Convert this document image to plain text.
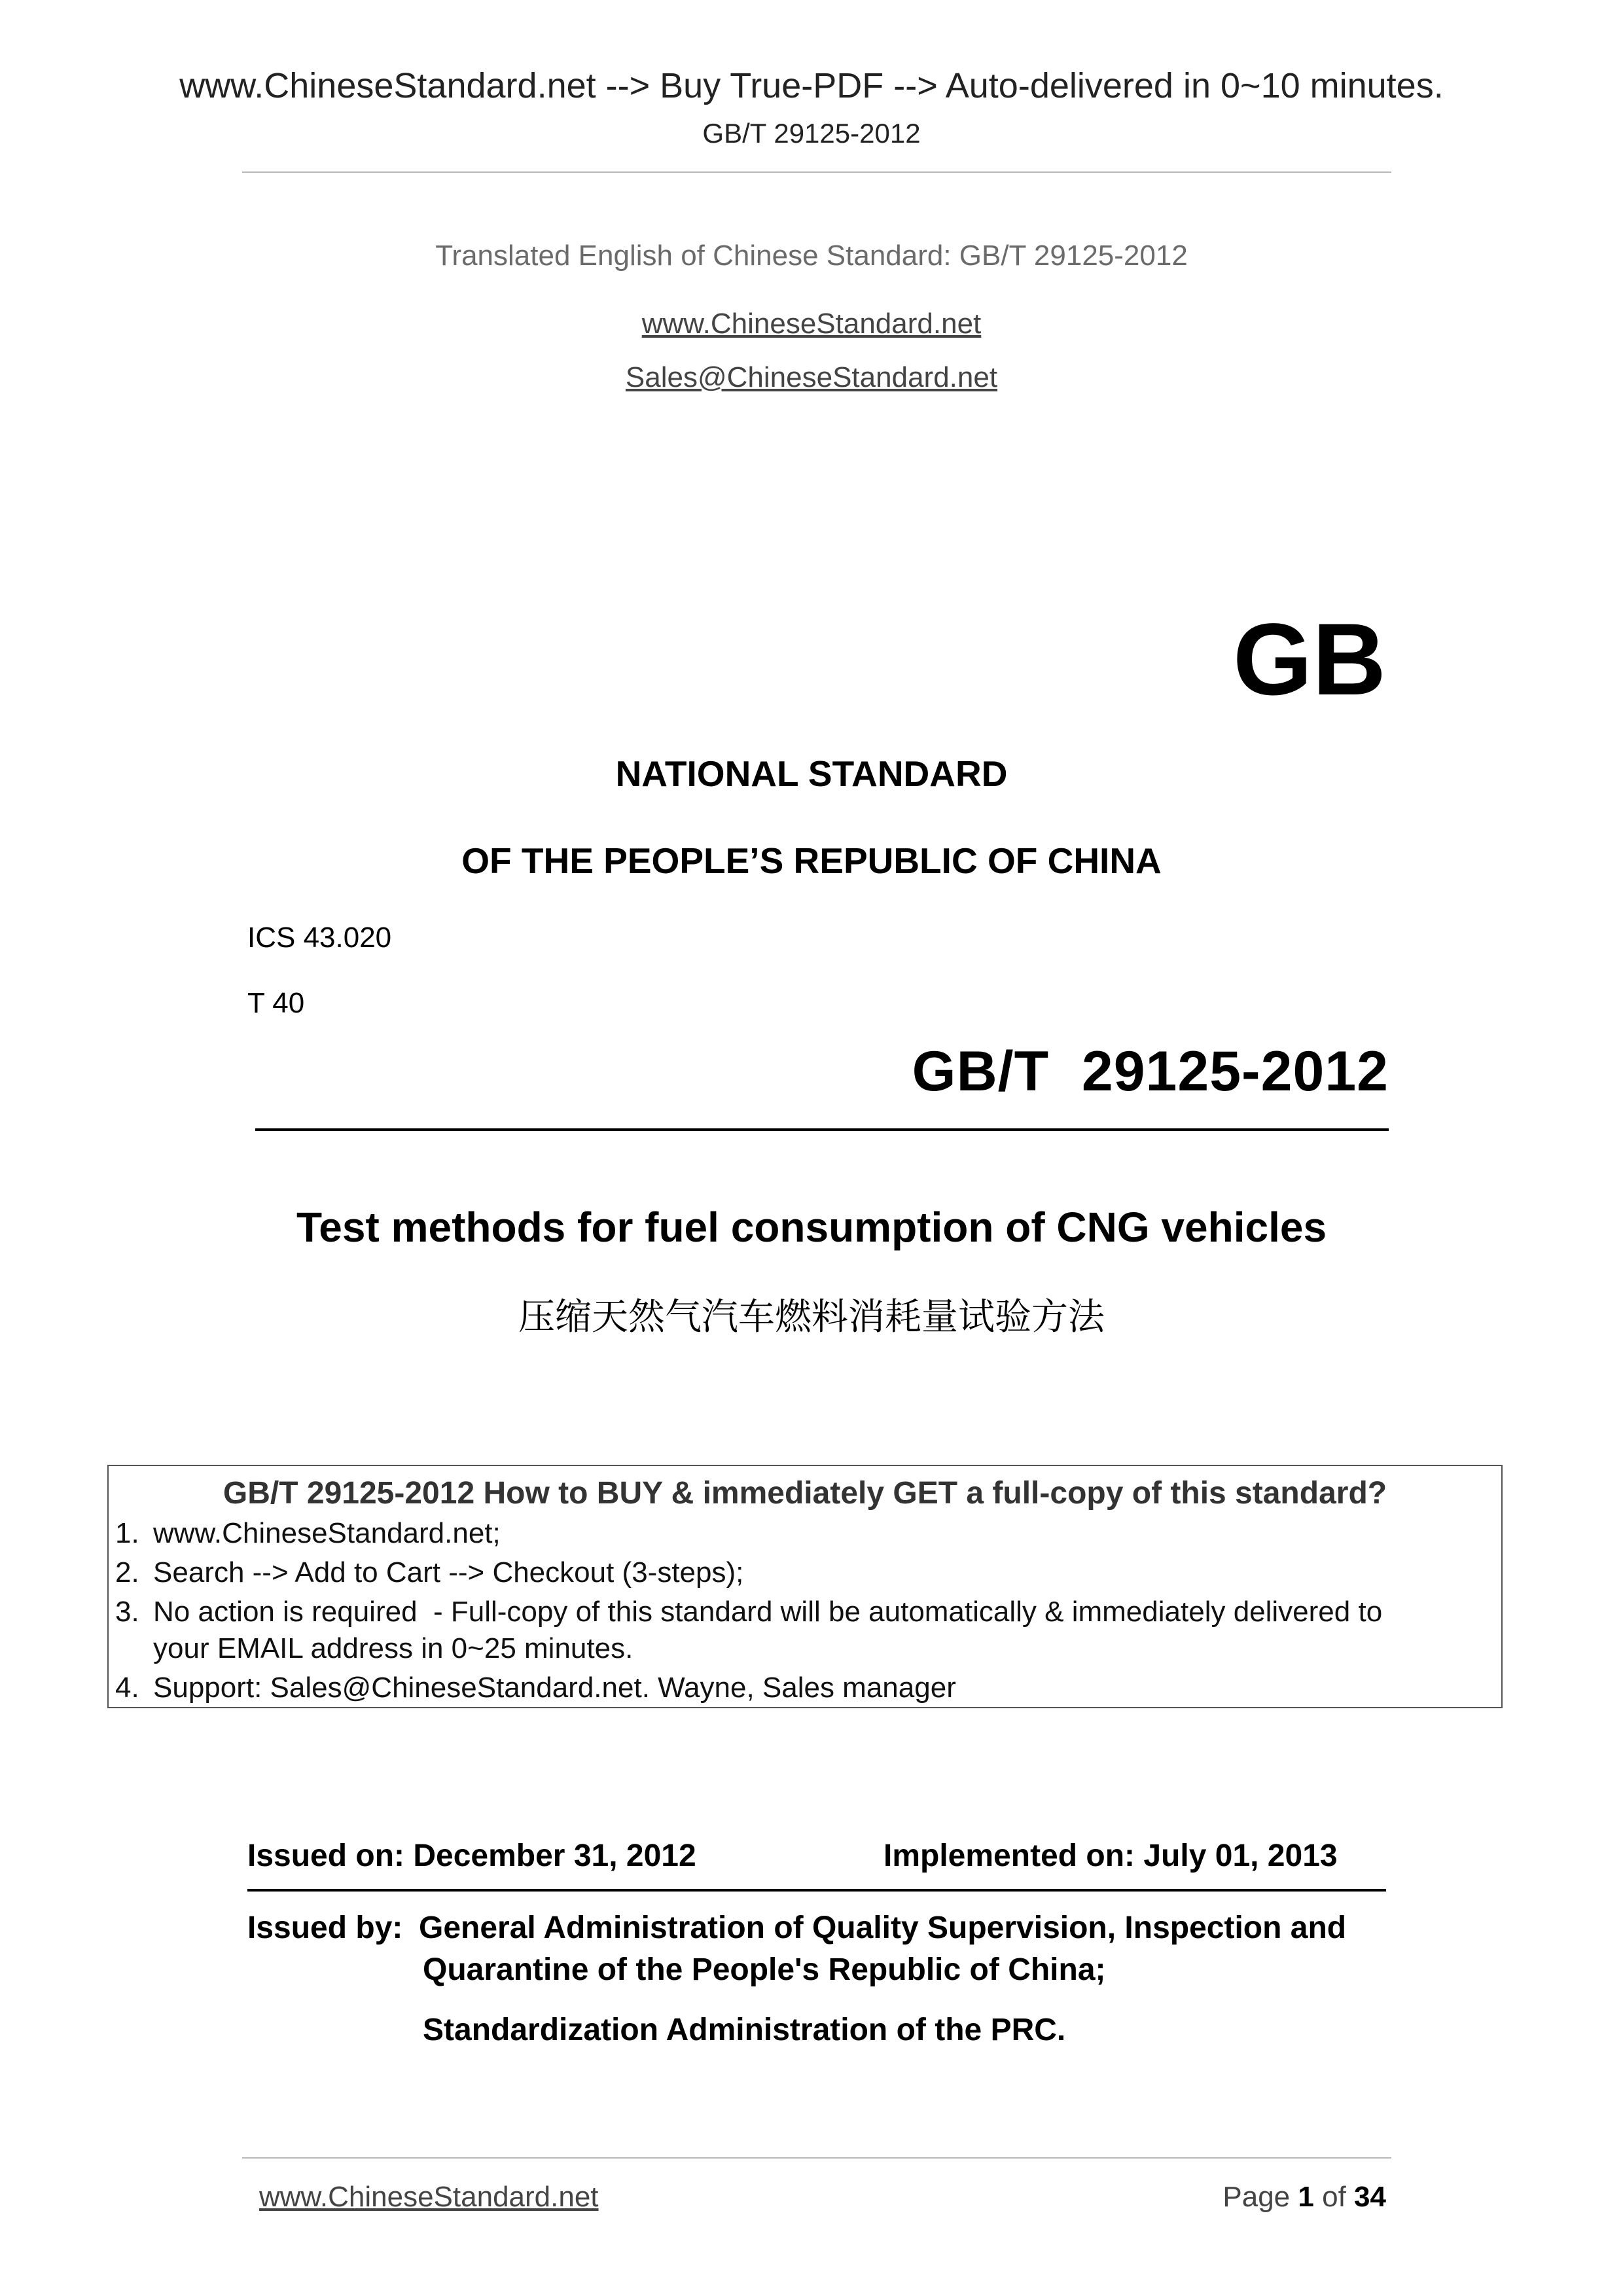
www.ChineseStandard.net --> Buy True-PDF --> Auto-delivered in 0~10 minutes.
GB/T 29125-2012
Translated English of Chinese Standard: GB/T 29125-2012
www.ChineseStandard.net
Sales@ChineseStandard.net
GB
NATIONAL STANDARD
OF THE PEOPLE’S REPUBLIC OF CHINA
ICS 43.020
T 40
GB/T  29125-2012
Test methods for fuel consumption of CNG vehicles
压缩天然气汽车燃料消耗量试验方法
GB/T 29125-2012 How to BUY & immediately GET a full-copy of this standard?
1. www.ChineseStandard.net;
2. Search --> Add to Cart --> Checkout (3-steps);
3. No action is required  - Full-copy of this standard will be automatically & immediately delivered to
your EMAIL address in 0~25 minutes.
4. Support: Sales@ChineseStandard.net. Wayne, Sales manager
Issued on: December 31, 2012	Implemented on: July 01, 2013
Issued by: General Administration of Quality Supervision, Inspection and
Quarantine of the People's Republic of China;
Standardization Administration of the PRC.
www.ChineseStandard.net	Page 1 of 34
